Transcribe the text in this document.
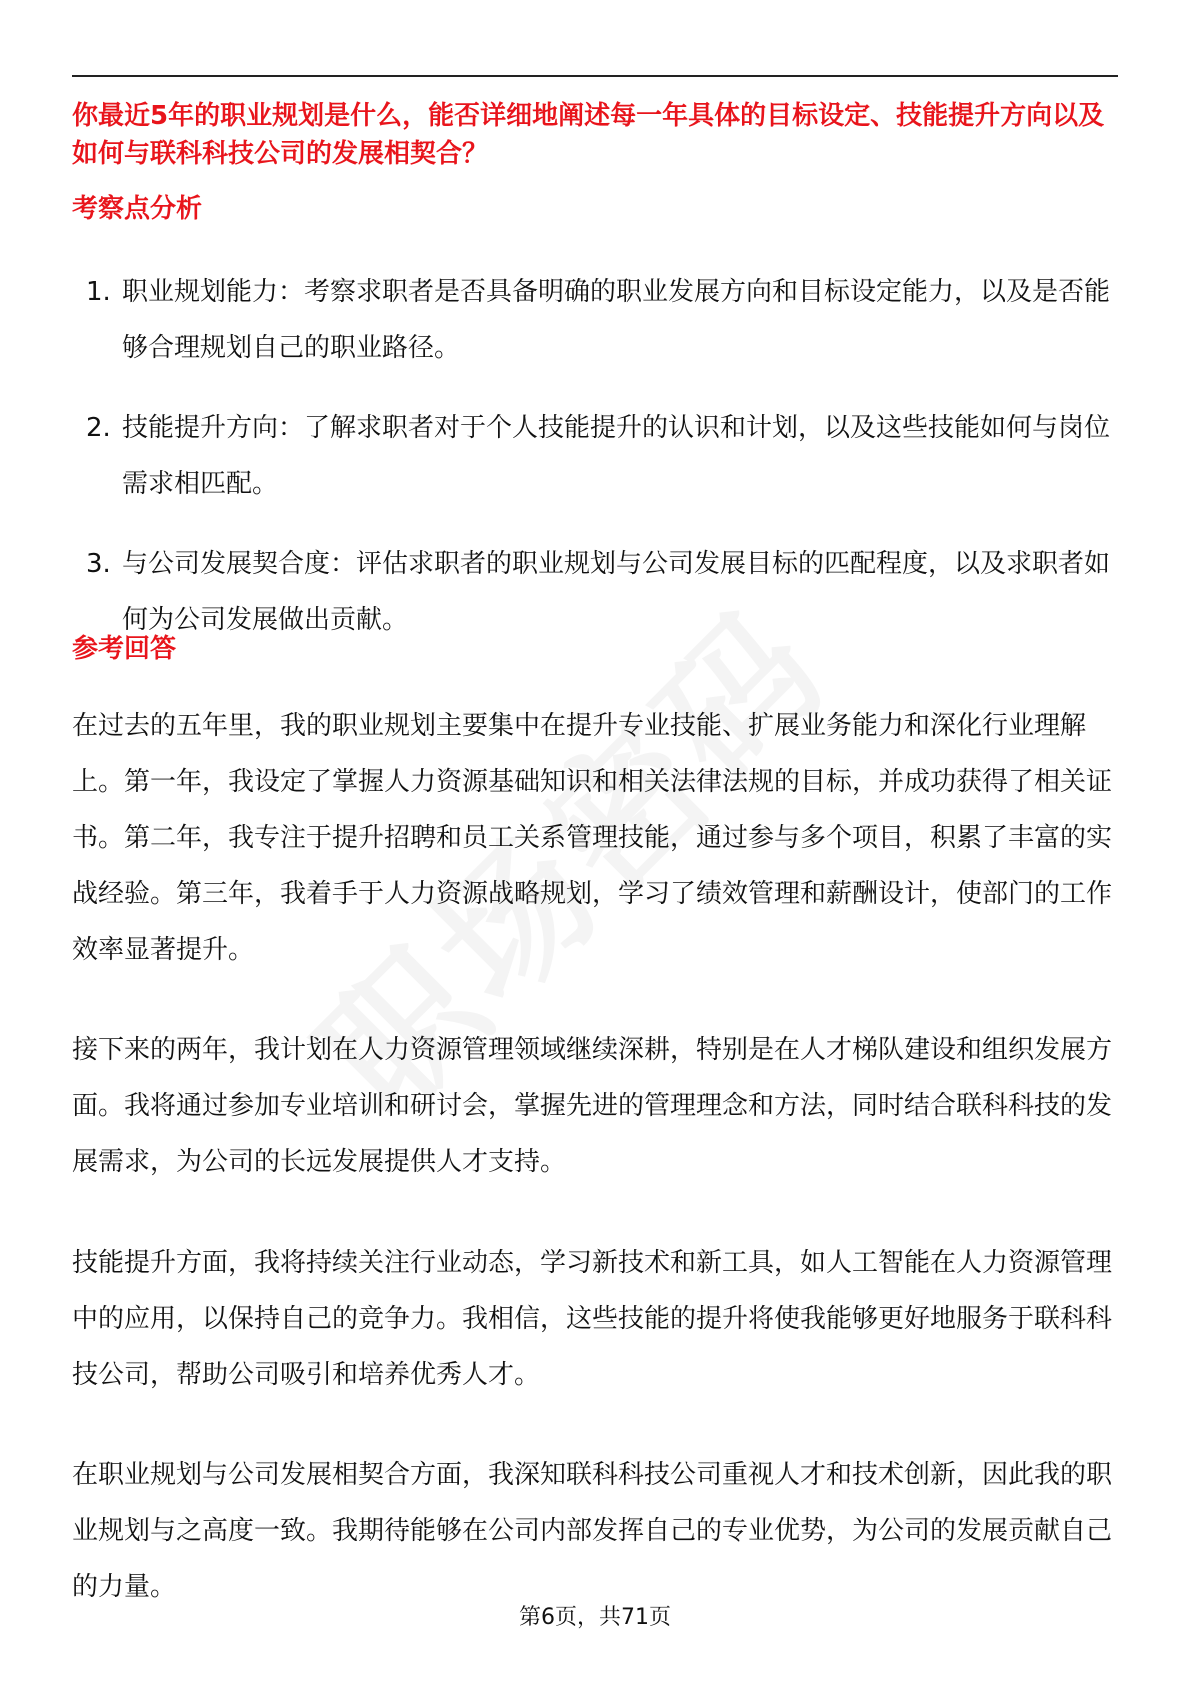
你最近5年的职业规划是什么，能否详细地阐述每一年具体的目标设定、技能提升方向以及如何与联科科技公司的发展相契合？

考察点分析

1. 职业规划能力：考察求职者是否具备明确的职业发展方向和目标设定能力，以及是否能够合理规划自己的职业路径。
2. 技能提升方向：了解求职者对于个人技能提升的认识和计划，以及这些技能如何与岗位需求相匹配。
3. 与公司发展契合度：评估求职者的职业规划与公司发展目标的匹配程度，以及求职者如何为公司发展做出贡献。

参考回答

在过去的五年里，我的职业规划主要集中在提升专业技能、扩展业务能力和深化行业理解上。第一年，我设定了掌握人力资源基础知识和相关法律法规的目标，并成功获得了相关证书。第二年，我专注于提升招聘和员工关系管理技能，通过参与多个项目，积累了丰富的实战经验。第三年，我着手于人力资源战略规划，学习了绩效管理和薪酬设计，使部门的工作效率显著提升。

接下来的两年，我计划在人力资源管理领域继续深耕，特别是在人才梯队建设和组织发展方面。我将通过参加专业培训和研讨会，掌握先进的管理理念和方法，同时结合联科科技的发展需求，为公司的长远发展提供人才支持。

技能提升方面，我将持续关注行业动态，学习新技术和新工具，如人工智能在人力资源管理中的应用，以保持自己的竞争力。我相信，这些技能的提升将使我能够更好地服务于联科科技公司，帮助公司吸引和培养优秀人才。

在职业规划与公司发展相契合方面，我深知联科科技公司重视人才和技术创新，因此我的职业规划与之高度一致。我期待能够在公司内部发挥自己的专业优势，为公司的发展贡献自己的力量。

第6页，共71页
